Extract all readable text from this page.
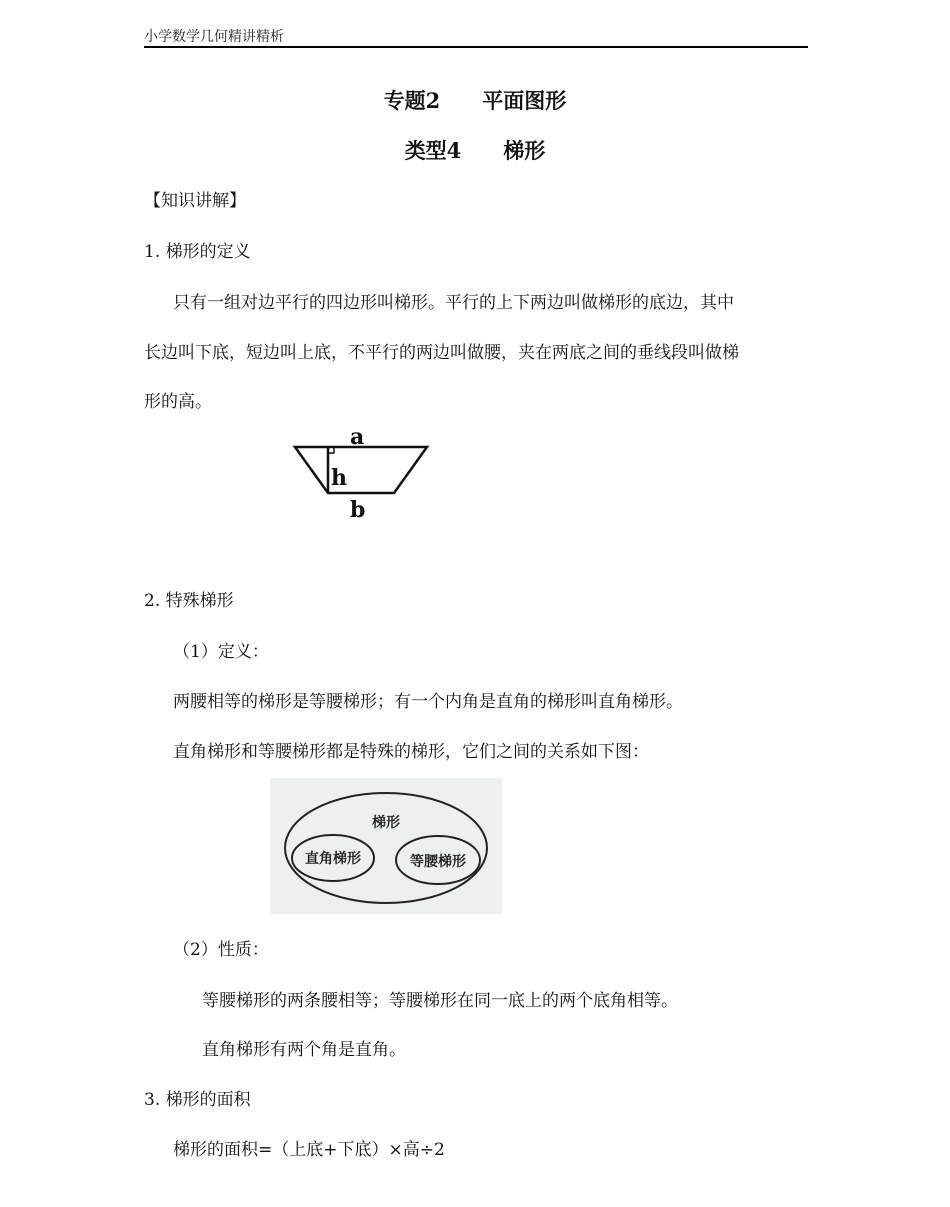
小学数学几何精讲精析
专题2　　平面图形
类型4　　梯形
【知识讲解】
1. 梯形的定义
只有一组对边平行的四边形叫梯形。平行的上下两边叫做梯形的底边，其中
长边叫下底，短边叫上底，不平行的两边叫做腰，夹在两底之间的垂线段叫做梯
形的高。
a
h
b
2. 特殊梯形
（1）定义：
两腰相等的梯形是等腰梯形；有一个内角是直角的梯形叫直角梯形。
直角梯形和等腰梯形都是特殊的梯形，它们之间的关系如下图：
梯形
直角梯形	等腰梯形
（2）性质：
等腰梯形的两条腰相等；等腰梯形在同一底上的两个底角相等。
直角梯形有两个角是直角。
3. 梯形的面积
梯形的面积=（上底+下底）×高÷2
